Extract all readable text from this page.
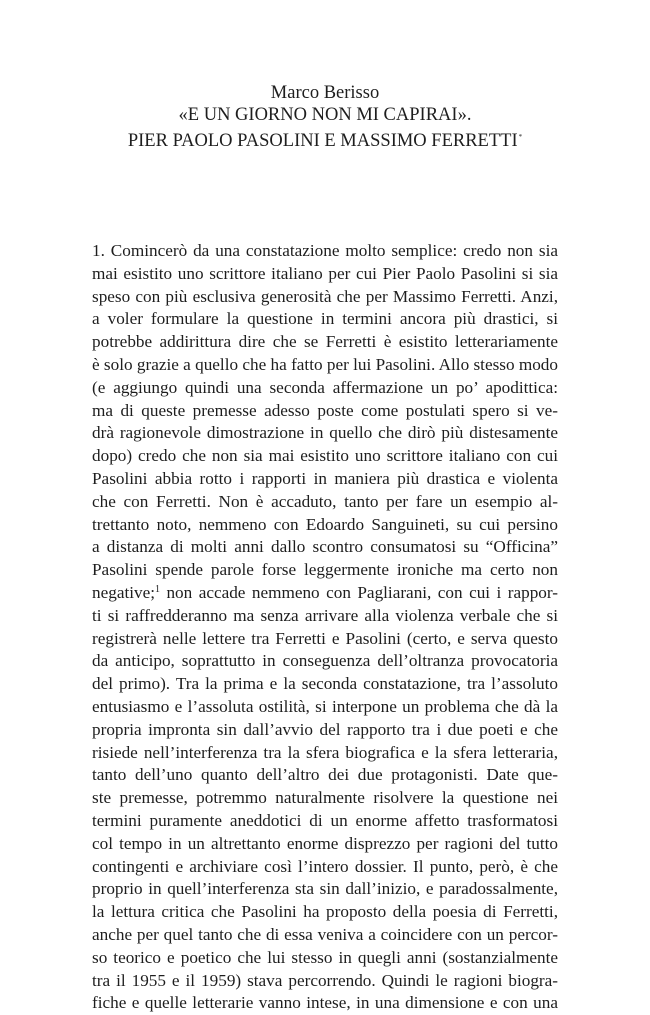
Marco Berisso
«E UN GIORNO NON MI CAPIRAI».
PIER PAOLO PASOLINI E MASSIMO FERRETTI*
1. Comincerò da una constatazione molto semplice: credo non sia
mai esistito uno scrittore italiano per cui Pier Paolo Pasolini si sia
speso con più esclusiva generosità che per Massimo Ferretti. Anzi,
a voler formulare la questione in termini ancora più drastici, si
potrebbe addirittura dire che se Ferretti è esistito letterariamente
è solo grazie a quello che ha fatto per lui Pasolini. Allo stesso modo
(e aggiungo quindi una seconda affermazione un po’ apodittica:
ma di queste premesse adesso poste come postulati spero si ve-
drà ragionevole dimostrazione in quello che dirò più distesamente
dopo) credo che non sia mai esistito uno scrittore italiano con cui
Pasolini abbia rotto i rapporti in maniera più drastica e violenta
che con Ferretti. Non è accaduto, tanto per fare un esempio al-
trettanto noto, nemmeno con Edoardo Sanguineti, su cui persino
a distanza di molti anni dallo scontro consumatosi su “Officina”
Pasolini spende parole forse leggermente ironiche ma certo non
negative;$^1$ non accade nemmeno con Pagliarani, con cui i rappor-
ti si raffredderanno ma senza arrivare alla violenza verbale che si
registrerà nelle lettere tra Ferretti e Pasolini (certo, e serva questo
da anticipo, soprattutto in conseguenza dell’oltranza provocatoria
del primo). Tra la prima e la seconda constatazione, tra l’assoluto
entusiasmo e l’assoluta ostilità, si interpone un problema che dà la
propria impronta sin dall’avvio del rapporto tra i due poeti e che
risiede nell’interferenza tra la sfera biografica e la sfera letteraria,
tanto dell’uno quanto dell’altro dei due protagonisti. Date que-
ste premesse, potremmo naturalmente risolvere la questione nei
termini puramente aneddotici di un enorme affetto trasformatosi
col tempo in un altrettanto enorme disprezzo per ragioni del tutto
contingenti e archiviare così l’intero dossier. Il punto, però, è che
proprio in quell’interferenza sta sin dall’inizio, e paradossalmente,
la lettura critica che Pasolini ha proposto della poesia di Ferretti,
anche per quel tanto che di essa veniva a coincidere con un percor-
so teorico e poetico che lui stesso in quegli anni (sostanzialmente
tra il 1955 e il 1959) stava percorrendo. Quindi le ragioni biogra-
fiche e quelle letterarie vanno intese, in una dimensione e con una
